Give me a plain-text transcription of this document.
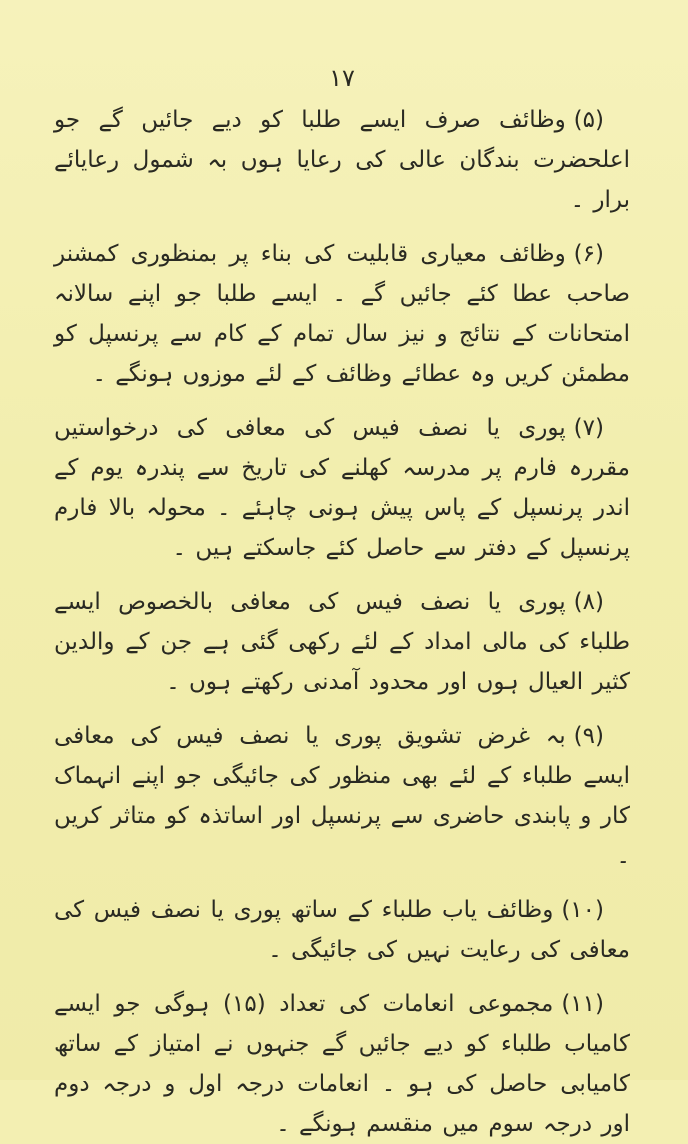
۱۷

(۵)وظائف صرف ایسے طلبا کو دیے جائیں گے جو اعلحضرت بندگان عالی کی رعایا ہوں بہ شمول رعایائے برار ۔

(۶)وظائف معیاری قابلیت کی بناء پر بمنظوری کمشنر صاحب عطا کئے جائیں گے ۔ ایسے طلبا جو اپنے سالانہ امتحانات کے نتائج و نیز سال تمام کے کام سے پرنسپل کو مطمئن کریں وہ عطائے وظائف کے لئے موزوں ہونگے ۔

(۷)پوری یا نصف فیس کی معافی کی درخواستیں مقررہ فارم پر مدرسہ کھلنے کی تاریخ سے پندرہ یوم کے اندر پرنسپل کے پاس پیش ہونی چاہئے ۔ محولہ بالا فارم پرنسپل کے دفتر سے حاصل کئے جاسکتے ہیں ۔

(۸)پوری یا نصف فیس کی معافی بالخصوص ایسے طلباء کی مالی امداد کے لئے رکھی گئی ہے جن کے والدین کثیر العیال ہوں اور محدود آمدنی رکھتے ہوں ۔

(۹)بہ غرض تشویق پوری یا نصف فیس کی معافی ایسے طلباء کے لئے بھی منظور کی جائیگی جو اپنے انہماک کار و پابندی حاضری سے پرنسپل اور اساتذہ کو متاثر کریں ۔

(۱۰)وظائف یاب طلباء کے ساتھ پوری یا نصف فیس کی معافی کی رعایت نہیں کی جائیگی ۔

(۱۱)مجموعی انعامات کی تعداد (۱۵) ہوگی جو ایسے کامیاب طلباء کو دیے جائیں گے جنہوں نے امتیاز کے ساتھ کامیابی حاصل کی ہو ۔ انعامات درجہ اول و درجہ دوم اور درجہ سوم میں منقسم ہونگے ۔
